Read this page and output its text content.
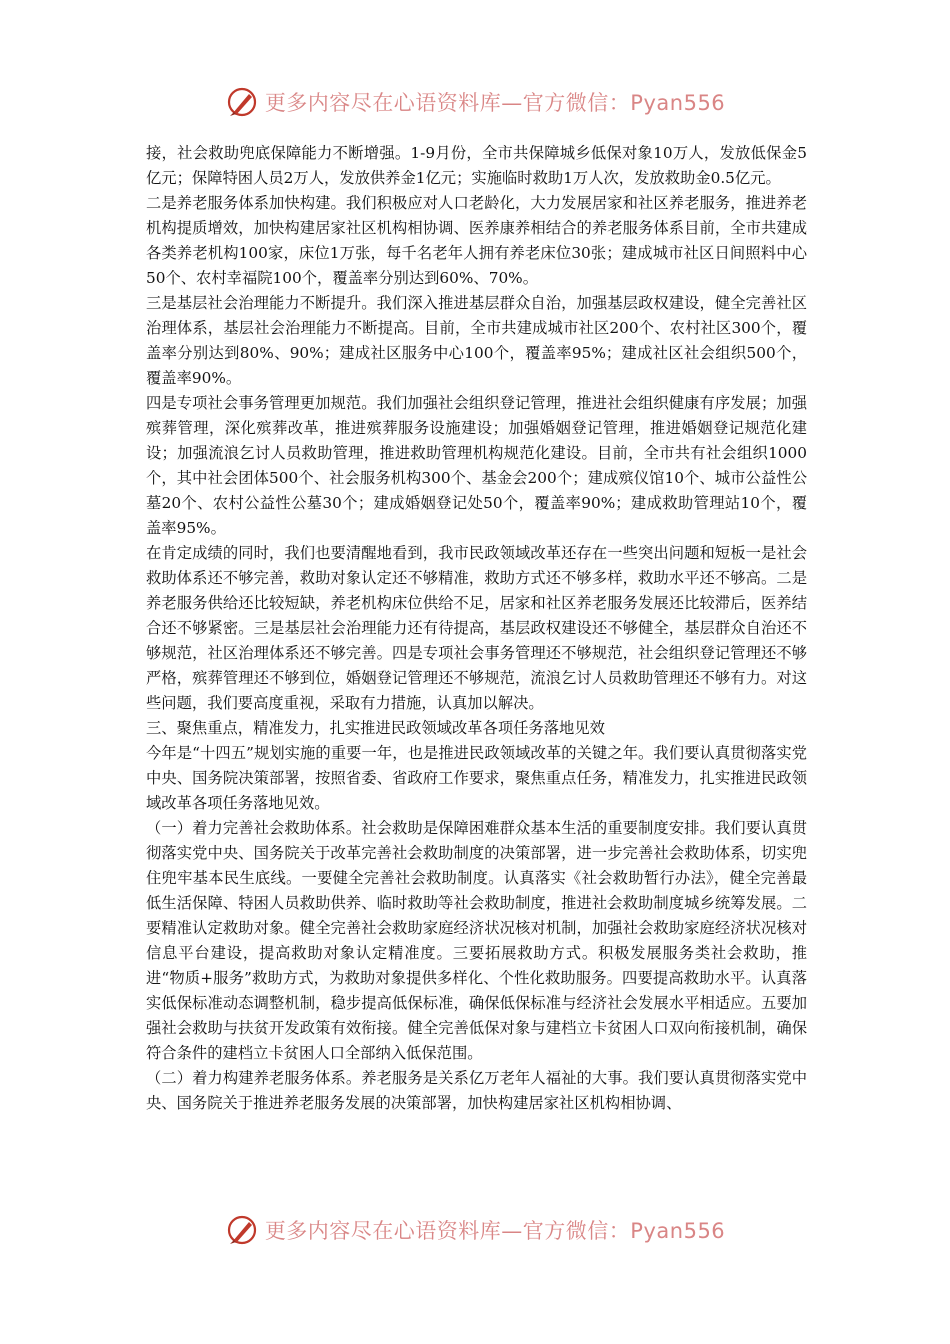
更多内容尽在心语资料库—官方微信：Pyan556

接，社会救助兜底保障能力不断增强。1-9月份，全市共保障城乡低保对象10万人，发放低保金5亿元；保障特困人员2万人，发放供养金1亿元；实施临时救助1万人次，发放救助金0.5亿元。

二是养老服务体系加快构建。我们积极应对人口老龄化，大力发展居家和社区养老服务，推进养老机构提质增效，加快构建居家社区机构相协调、医养康养相结合的养老服务体系目前，全市共建成各类养老机构100家，床位1万张，每千名老年人拥有养老床位30张；建成城市社区日间照料中心50个、农村幸福院100个，覆盖率分别达到60%、70%。

三是基层社会治理能力不断提升。我们深入推进基层群众自治，加强基层政权建设，健全完善社区治理体系，基层社会治理能力不断提高。目前，全市共建成城市社区200个、农村社区300个，覆盖率分别达到80%、90%；建成社区服务中心100个，覆盖率95%；建成社区社会组织500个，覆盖率90%。

四是专项社会事务管理更加规范。我们加强社会组织登记管理，推进社会组织健康有序发展；加强殡葬管理，深化殡葬改革，推进殡葬服务设施建设；加强婚姻登记管理，推进婚姻登记规范化建设；加强流浪乞讨人员救助管理，推进救助管理机构规范化建设。目前，全市共有社会组织1000个，其中社会团体500个、社会服务机构300个、基金会200个；建成殡仪馆10个、城市公益性公墓20个、农村公益性公墓30个；建成婚姻登记处50个，覆盖率90%；建成救助管理站10个，覆盖率95%。

在肯定成绩的同时，我们也要清醒地看到，我市民政领域改革还存在一些突出问题和短板一是社会救助体系还不够完善，救助对象认定还不够精准，救助方式还不够多样，救助水平还不够高。二是养老服务供给还比较短缺，养老机构床位供给不足，居家和社区养老服务发展还比较滞后，医养结合还不够紧密。三是基层社会治理能力还有待提高，基层政权建设还不够健全，基层群众自治还不够规范，社区治理体系还不够完善。四是专项社会事务管理还不够规范，社会组织登记管理还不够严格，殡葬管理还不够到位，婚姻登记管理还不够规范，流浪乞讨人员救助管理还不够有力。对这些问题，我们要高度重视，采取有力措施，认真加以解决。

三、聚焦重点，精准发力，扎实推进民政领域改革各项任务落地见效

今年是“十四五”规划实施的重要一年，也是推进民政领域改革的关键之年。我们要认真贯彻落实党中央、国务院决策部署，按照省委、省政府工作要求，聚焦重点任务，精准发力，扎实推进民政领域改革各项任务落地见效。

（一）着力完善社会救助体系。社会救助是保障困难群众基本生活的重要制度安排。我们要认真贯彻落实党中央、国务院关于改革完善社会救助制度的决策部署，进一步完善社会救助体系，切实兜住兜牢基本民生底线。一要健全完善社会救助制度。认真落实《社会救助暂行办法》，健全完善最低生活保障、特困人员救助供养、临时救助等社会救助制度，推进社会救助制度城乡统筹发展。二要精准认定救助对象。健全完善社会救助家庭经济状况核对机制，加强社会救助家庭经济状况核对信息平台建设，提高救助对象认定精准度。三要拓展救助方式。积极发展服务类社会救助，推进“物质+服务”救助方式，为救助对象提供多样化、个性化救助服务。四要提高救助水平。认真落实低保标准动态调整机制，稳步提高低保标准，确保低保标准与经济社会发展水平相适应。五要加强社会救助与扶贫开发政策有效衔接。健全完善低保对象与建档立卡贫困人口双向衔接机制，确保符合条件的建档立卡贫困人口全部纳入低保范围。

（二）着力构建养老服务体系。养老服务是关系亿万老年人福祉的大事。我们要认真贯彻落实党中央、国务院关于推进养老服务发展的决策部署，加快构建居家社区机构相协调、

更多内容尽在心语资料库—官方微信：Pyan556
